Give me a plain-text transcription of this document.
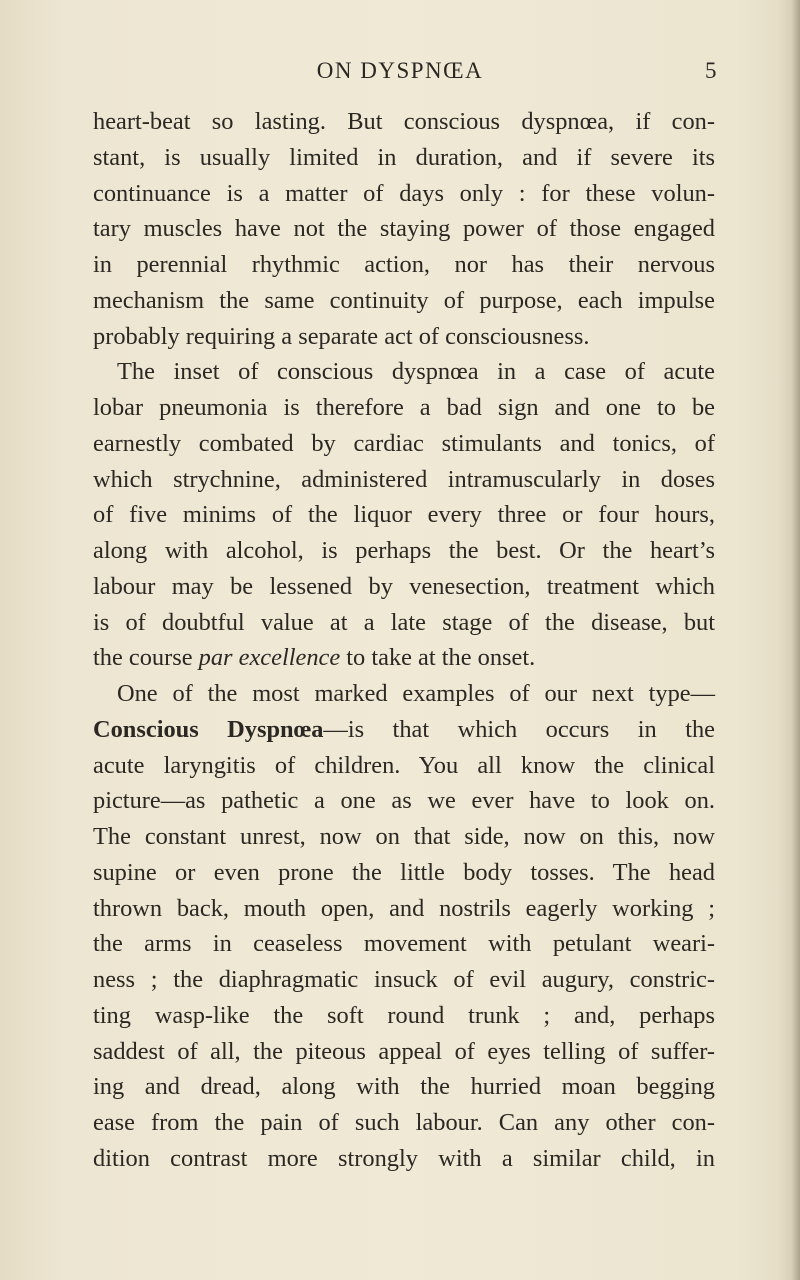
ON DYSPNŒA	5
heart-beat so lasting. But conscious dyspnœa, if con-
stant, is usually limited in duration, and if severe its
continuance is a matter of days only : for these volun-
tary muscles have not the staying power of those engaged
in perennial rhythmic action, nor has their nervous
mechanism the same continuity of purpose, each impulse
probably requiring a separate act of consciousness.
The inset of conscious dyspnœa in a case of acute
lobar pneumonia is therefore a bad sign and one to be
earnestly combated by cardiac stimulants and tonics, of
which strychnine, administered intramuscularly in doses
of five minims of the liquor every three or four hours,
along with alcohol, is perhaps the best. Or the heart’s
labour may be lessened by venesection, treatment which
is of doubtful value at a late stage of the disease, but
the course par excellence to take at the onset.
One of the most marked examples of our next type—
Conscious Dyspnœa—is that which occurs in the
acute laryngitis of children. You all know the clinical
picture—as pathetic a one as we ever have to look on.
The constant unrest, now on that side, now on this, now
supine or even prone the little body tosses. The head
thrown back, mouth open, and nostrils eagerly working ;
the arms in ceaseless movement with petulant weari-
ness ; the diaphragmatic insuck of evil augury, constric-
ting wasp-like the soft round trunk ; and, perhaps
saddest of all, the piteous appeal of eyes telling of suffer-
ing and dread, along with the hurried moan begging
ease from the pain of such labour. Can any other con-
dition contrast more strongly with a similar child, in
